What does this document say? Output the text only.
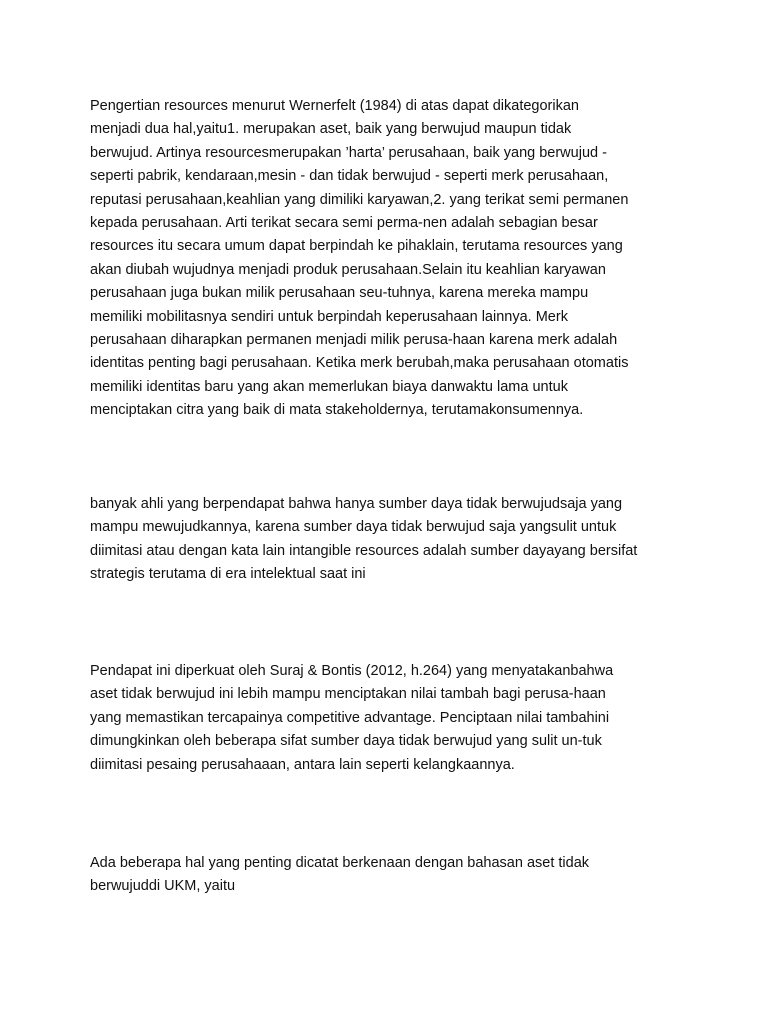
Pengertian resources menurut Wernerfelt (1984) di atas dapat dikategorikan
menjadi dua hal,yaitu1. merupakan aset, baik yang berwujud maupun tidak
berwujud. Artinya resourcesmerupakan ’harta’ perusahaan, baik yang berwujud -
seperti pabrik, kendaraan,mesin - dan tidak berwujud - seperti merk perusahaan,
reputasi perusahaan,keahlian yang dimiliki karyawan,2. yang terikat semi permanen
kepada perusahaan. Arti terikat secara semi perma-nen adalah sebagian besar
resources itu secara umum dapat berpindah ke pihaklain, terutama resources yang
akan diubah wujudnya menjadi produk perusahaan.Selain itu keahlian karyawan
perusahaan juga bukan milik perusahaan seu-tuhnya, karena mereka mampu
memiliki mobilitasnya sendiri untuk berpindah keperusahaan lainnya. Merk
perusahaan diharapkan permanen menjadi milik perusa-haan karena merk adalah
identitas penting bagi perusahaan. Ketika merk berubah,maka perusahaan otomatis
memiliki identitas baru yang akan memerlukan biaya danwaktu lama untuk
menciptakan citra yang baik di mata stakeholdernya, terutamakonsumennya.

banyak ahli yang berpendapat bahwa hanya sumber daya tidak berwujudsaja yang
mampu mewujudkannya, karena sumber daya tidak berwujud saja yangsulit untuk
diimitasi atau dengan kata lain intangible resources adalah sumber dayayang bersifat
strategis terutama di era intelektual saat ini

Pendapat ini diperkuat oleh Suraj & Bontis (2012, h.264) yang menyatakanbahwa
aset tidak berwujud ini lebih mampu menciptakan nilai tambah bagi perusa-haan
yang memastikan tercapainya competitive advantage. Penciptaan nilai tambahini
dimungkinkan oleh beberapa sifat sumber daya tidak berwujud yang sulit un-tuk
diimitasi pesaing perusahaaan, antara lain seperti kelangkaannya.

Ada beberapa hal yang penting dicatat berkenaan dengan bahasan aset tidak
berwujuddi UKM, yaitu
